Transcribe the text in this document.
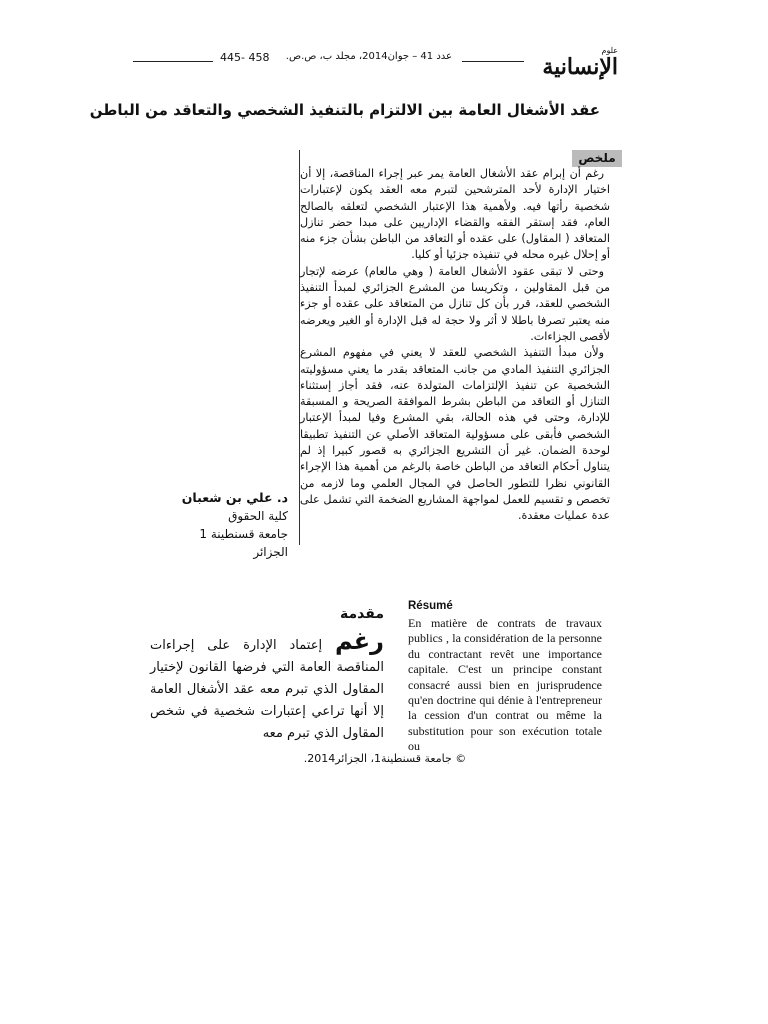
علوم
الإنسانية
عدد 41 – جوان2014، مجلد ب، ص.ص.
445- 458
عقد الأشغال العامة بين الالتزام بالتنفيذ الشخصي والتعاقد من الباطن
ملخص

رغم أن إبرام عقد الأشغال العامة يمر عبر إجراء المناقصة، إلا أن اختيار الإدارة لأحد المترشحين لتبرم معه العقد يكون لإعتبارات شخصية رأتها فيه. ولأهمية هذا الإعتبار الشخصي لتعلقه بالصالح العام، فقد إستقر الفقه والقضاء الإداريين على مبدا حضر تنازل المتعاقد ( المقاول) على عقده أو التعاقد من الباطن بشأن جزء منه أو إحلال غيره محله في تنفيذه جزئيا أو كليا.

وحتى لا تبقى عقود الأشغال العامة ( وهي مالعام) عرضه لإتجار من قبل المقاولين ، وتكريسا من المشرع الجزائري لمبدأ التنفيذ الشخصي للعقد، قرر بأن كل تنازل من المتعاقد على عقده أو جزء منه يعتبر تصرفا باطلا لا أثر ولا حجة له قبل الإدارة أو الغير ويعرضه لأقصى الجزاءات.

ولأن مبدأ التنفيذ الشخصي للعقد لا يعني في مفهوم المشرع الجزائري التنفيذ المادي من جانب المتعاقد بقدر ما يعني مسؤوليته الشخصية عن تنفيذ الإلتزامات المتولدة عنه، فقد أجاز إستثناء التنازل أو التعاقد من الباطن بشرط الموافقة الصريحة و المسبقة للإدارة، وحتى في هذه الحالة، بقي المشرع وفيا لمبدأ الإعتبار الشخصي فأبقى على مسؤولية المتعاقد الأصلي عن التنفيذ تطبيقا لوحدة الضمان. غير أن التشريع الجزائري به قصور كبيرا إذ لم يتناول أحكام التعاقد من الباطن خاصة بالرغم من أهمية هذا الإجراء القانوني نظرا للتطور الحاصل في المجال العلمي وما لازمه من تخصص و تقسيم للعمل لمواجهة المشاريع الضخمة التي تشمل على عدة عمليات معقدة.

د. علي بن شعبان
كلية الحقوق
جامعة قسنطينة 1
الجزائر
Résumé
En matière de contrats de travaux publics , la considération de la personne du contractant revêt une importance capitale. C'est un principe constant consacré aussi bien en jurisprudence qu'en doctrine qui dénie à l'entrepreneur la cession d'un contrat ou même la substitution pour son exécution totale ou
مقدمة
رغم إعتماد الإدارة على إجراءات المناقصة العامة التي فرضها القانون لإختيار المقاول الذي تبرم معه عقد الأشغال العامة إلا أنها تراعي إعتبارات شخصية في شخص المقاول الذي تبرم معه
© جامعة قسنطينة1، الجزائر2014.
